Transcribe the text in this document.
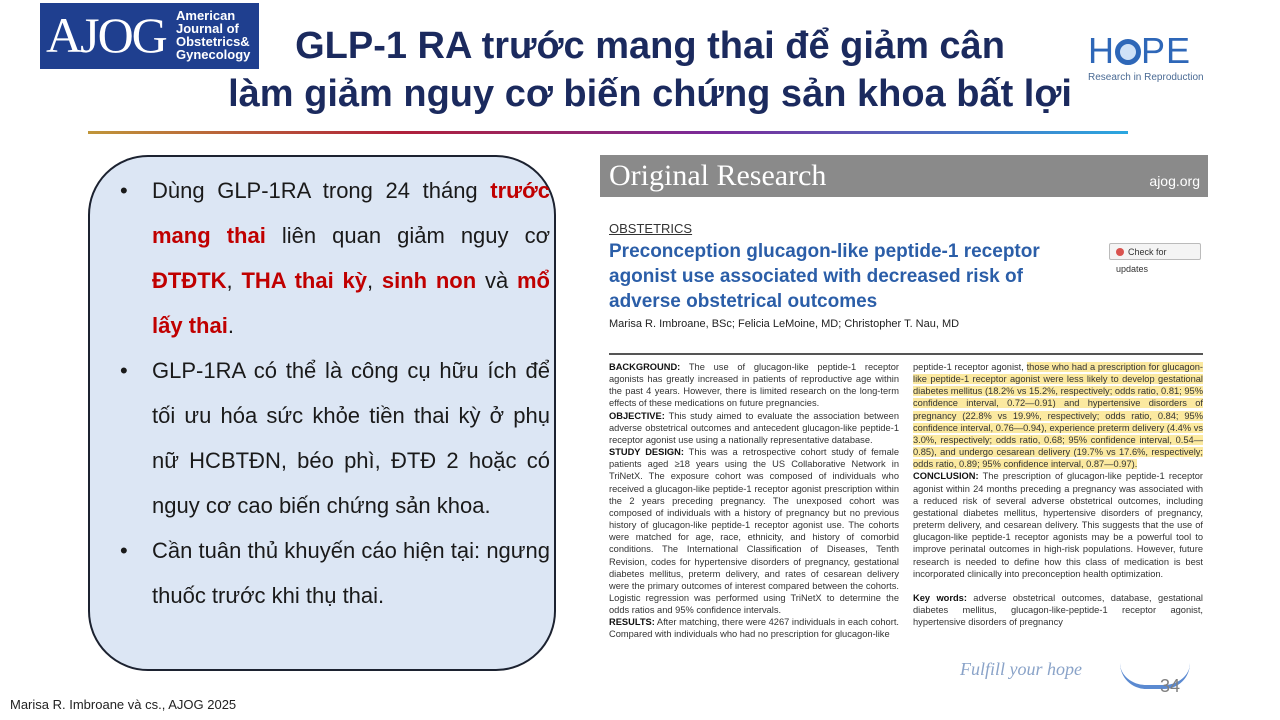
AJOG American
Journal of
Obstetrics&
Gynecology	GLP-1 RA trước mang thai để giảm cân
làm giảm nguy cơ biến chứng sản khoa bất lợi
H PE
Research in Reproduction
• Dùng GLP-1RA trong 24 tháng trước mang thai liên quan giảm nguy cơ ĐTĐTK, THA thai kỳ, sinh non và mổ lấy thai.
• GLP-1RA có thể là công cụ hữu ích để tối ưu hóa sức khỏe tiền thai kỳ ở phụ nữ HCBTĐN, béo phì, ĐTĐ 2 hoặc có nguy cơ cao biến chứng sản khoa.
• Cần tuân thủ khuyến cáo hiện tại: ngưng thuốc trước khi thụ thai.
Original Research	ajog.org
OBSTETRICS
Preconception glucagon-like peptide-1 receptor agonist use associated with decreased risk of adverse obstetrical outcomes
Check for updates
Marisa R. Imbroane, BSc; Felicia LeMoine, MD; Christopher T. Nau, MD
BACKGROUND: The use of glucagon-like peptide-1 receptor agonists has greatly increased in patients of reproductive age within the past 4 years. However, there is limited research on the long-term effects of these medications on future pregnancies.
OBJECTIVE: This study aimed to evaluate the association between adverse obstetrical outcomes and antecedent glucagon-like peptide-1 receptor agonist use using a nationally representative database.
STUDY DESIGN: This was a retrospective cohort study of female patients aged ≥18 years using the US Collaborative Network in TriNetX. The exposure cohort was composed of individuals who received a glucagon-like peptide-1 receptor agonist prescription within the 2 years preceding pregnancy. The unexposed cohort was composed of individuals with a history of pregnancy but no previous history of glucagon-like peptide-1 receptor agonist use. The cohorts were matched for age, race, ethnicity, and history of comorbid conditions. The International Classification of Diseases, Tenth Revision, codes for hypertensive disorders of pregnancy, gestational diabetes mellitus, preterm delivery, and rates of cesarean delivery were the primary outcomes of interest compared between the cohorts. Logistic regression was performed using TriNetX to determine the odds ratios and 95% confidence intervals.
RESULTS: After matching, there were 4267 individuals in each cohort. Compared with individuals who had no prescription for glucagon-like
peptide-1 receptor agonist, those who had a prescription for glucagon-like peptide-1 receptor agonist were less likely to develop gestational diabetes mellitus (18.2% vs 15.2%, respectively; odds ratio, 0.81; 95% confidence interval, 0.72—0.91) and hypertensive disorders of pregnancy (22.8% vs 19.9%, respectively; odds ratio, 0.84; 95% confidence interval, 0.76—0.94), experience preterm delivery (4.4% vs 3.0%, respectively; odds ratio, 0.68; 95% confidence interval, 0.54—0.85), and undergo cesarean delivery (19.7% vs 17.6%, respectively; odds ratio, 0.89; 95% confidence interval, 0.87—0.97).
CONCLUSION: The prescription of glucagon-like peptide-1 receptor agonist within 24 months preceding a pregnancy was associated with a reduced risk of several adverse obstetrical outcomes, including gestational diabetes mellitus, hypertensive disorders of pregnancy, preterm delivery, and cesarean delivery. This suggests that the use of glucagon-like peptide-1 receptor agonists may be a powerful tool to improve perinatal outcomes in high-risk populations. However, future research is needed to define how this class of medication is best incorporated clinically into preconception health optimization.

Key words: adverse obstetrical outcomes, database, gestational diabetes mellitus, glucagon-like-peptide-1 receptor agonist, hypertensive disorders of pregnancy
Fulfill your hope
34
Marisa R. Imbroane và cs., AJOG 2025
